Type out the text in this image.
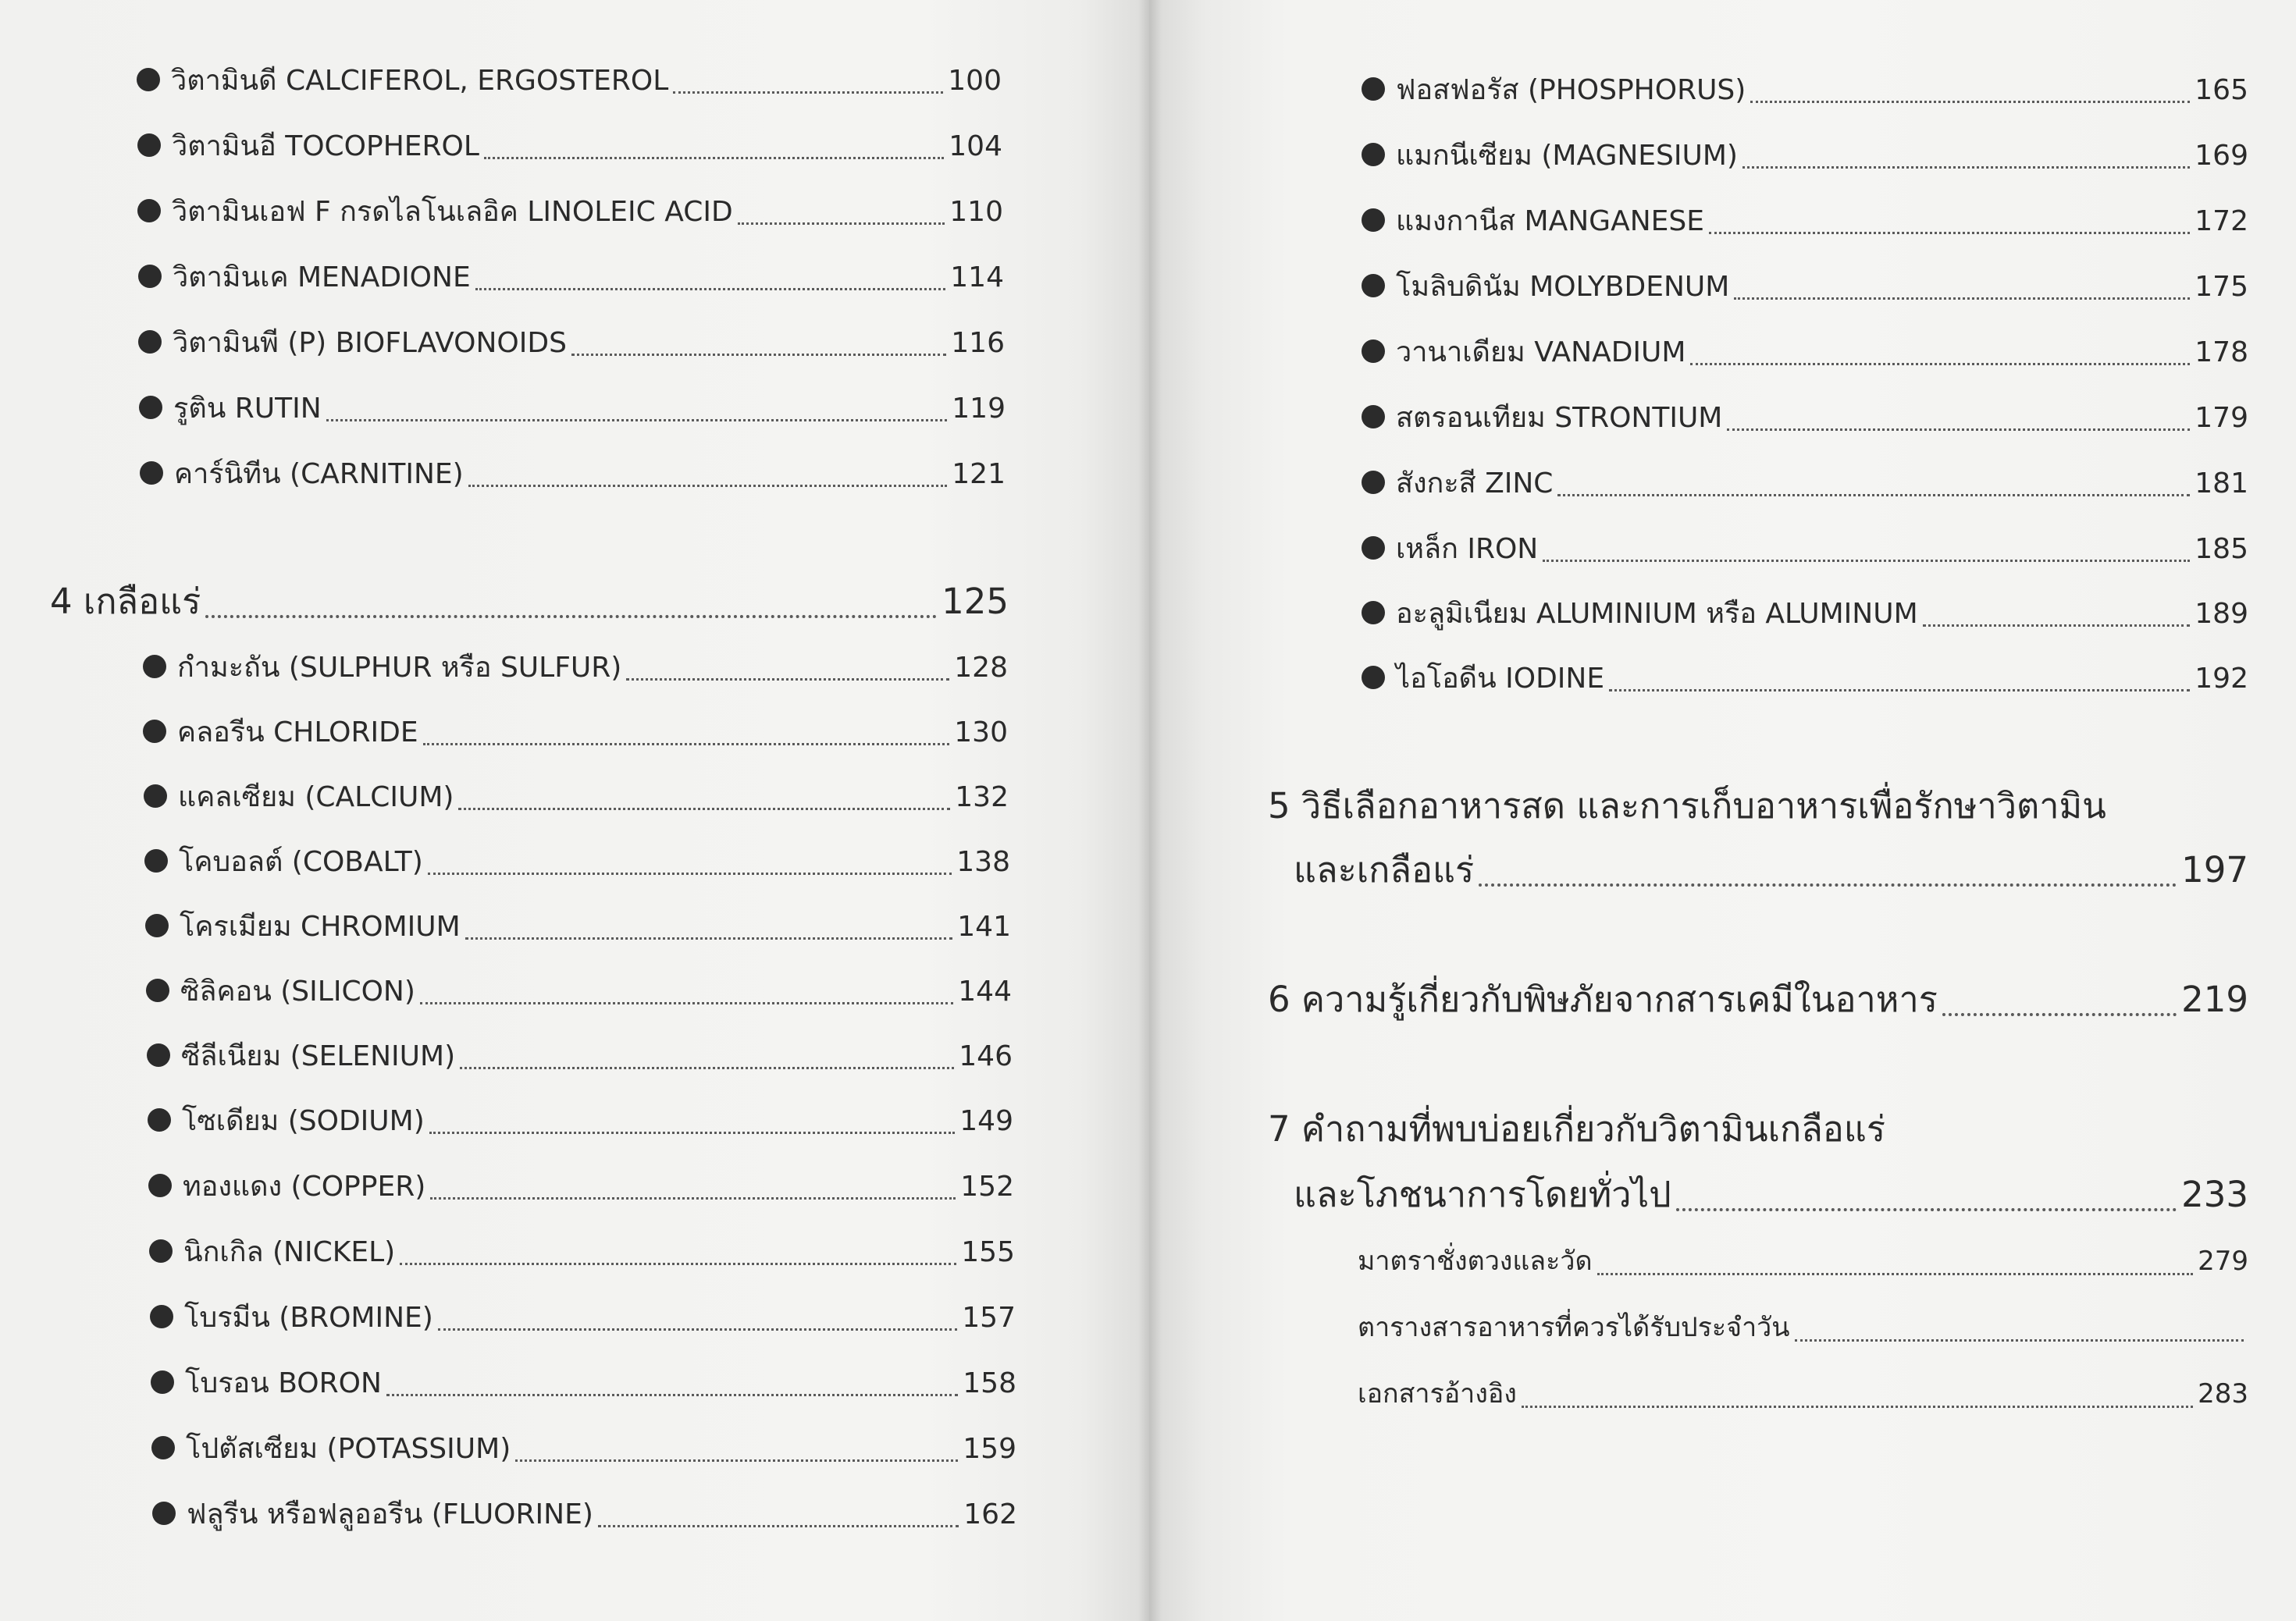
วิตามินดี CALCIFEROL, ERGOSTEROL	100
วิตามินอี TOCOPHEROL	104
วิตามินเอฟ F กรดไลโนเลอิค LINOLEIC ACID	110
วิตามินเค MENADIONE	114
วิตามินพี (P) BIOFLAVONOIDS	116
รูติน RUTIN	119
คาร์นิทีน (CARNITINE)	121
4 เกลือแร่	125
กำมะถัน (SULPHUR หรือ SULFUR)	128
คลอรีน CHLORIDE	130
แคลเซียม (CALCIUM)	132
โคบอลต์ (COBALT)	138
โครเมียม CHROMIUM	141
ซิลิคอน (SILICON)	144
ซีลีเนียม (SELENIUM)	146
โซเดียม (SODIUM)	149
ทองแดง (COPPER)	152
นิกเกิล (NICKEL)	155
โบรมีน (BROMINE)	157
โบรอน BORON	158
โปตัสเซียม (POTASSIUM)	159
ฟลูรีน หรือฟลูออรีน (FLUORINE)	162
ฟอสฟอรัส (PHOSPHORUS)	165
แมกนีเซียม (MAGNESIUM)	169
แมงกานีส MANGANESE	172
โมลิบดินัม MOLYBDENUM	175
วานาเดียม VANADIUM	178
สตรอนเทียม STRONTIUM	179
สังกะสี ZINC	181
เหล็ก IRON	185
อะลูมิเนียม ALUMINIUM หรือ ALUMINUM	189
ไอโอดีน IODINE	192
5 วิธีเลือกอาหารสด และการเก็บอาหารเพื่อรักษาวิตามิน
และเกลือแร่	197
6 ความรู้เกี่ยวกับพิษภัยจากสารเคมีในอาหาร	219
7 คำถามที่พบบ่อยเกี่ยวกับวิตามินเกลือแร่
และโภชนาการโดยทั่วไป	233
มาตราชั่งตวงและวัด	279
ตารางสารอาหารที่ควรได้รับประจำวัน
เอกสารอ้างอิง	283
